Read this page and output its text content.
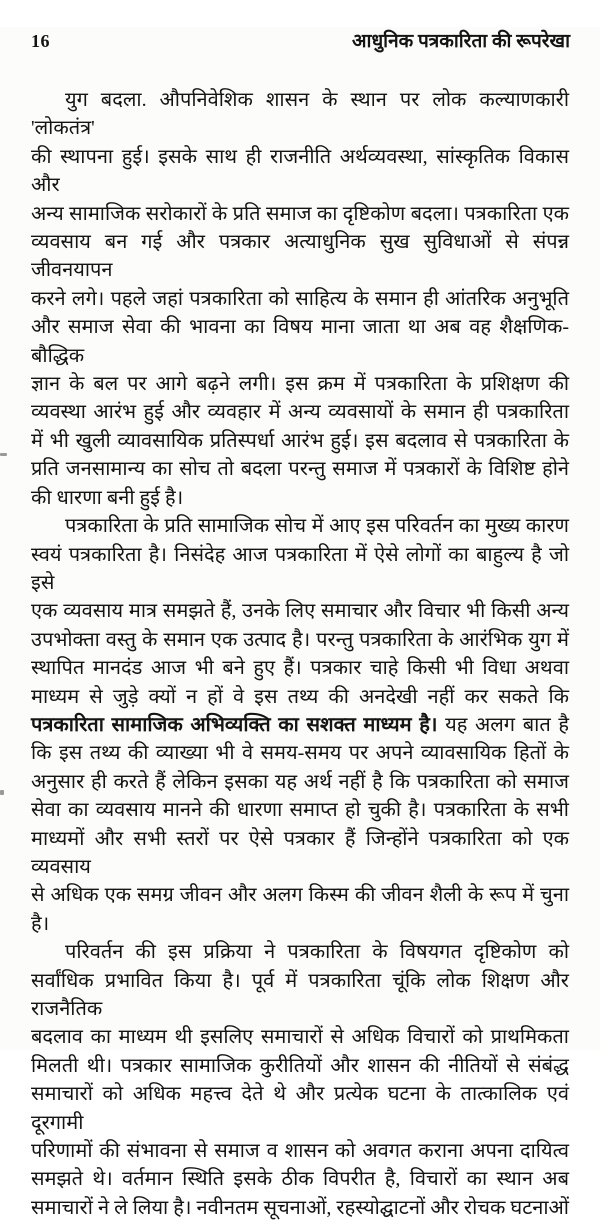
16	आधुनिक पत्रकारिता की रूपरेखा
युग बदला. औपनिवेशिक शासन के स्थान पर लोक कल्याणकारी 'लोकतंत्र'
की स्थापना हुई। इसके साथ ही राजनीति अर्थव्यवस्था, सांस्कृतिक विकास और
अन्य सामाजिक सरोकारों के प्रति समाज का दृष्टिकोण बदला। पत्रकारिता एक
व्यवसाय बन गई और पत्रकार अत्याधुनिक सुख सुविधाओं से संपन्न जीवनयापन
करने लगे। पहले जहां पत्रकारिता को साहित्य के समान ही आंतरिक अनुभूति
और समाज सेवा की भावना का विषय माना जाता था अब वह शैक्षणिक-बौद्धिक
ज्ञान के बल पर आगे बढ़ने लगी। इस क्रम में पत्रकारिता के प्रशिक्षण की
व्यवस्था आरंभ हुई और व्यवहार में अन्य व्यवसायों के समान ही पत्रकारिता
में भी खुली व्यावसायिक प्रतिस्पर्धा आरंभ हुई। इस बदलाव से पत्रकारिता के
प्रति जनसामान्य का सोच तो बदला परन्तु समाज में पत्रकारों के विशिष्ट होने
की धारणा बनी हुई है।
पत्रकारिता के प्रति सामाजिक सोच में आए इस परिवर्तन का मुख्य कारण
स्वयं पत्रकारिता है। निसंदेह आज पत्रकारिता में ऐसे लोगों का बाहुल्य है जो इसे
एक व्यवसाय मात्र समझते हैं, उनके लिए समाचार और विचार भी किसी अन्य
उपभोक्ता वस्तु के समान एक उत्पाद है। परन्तु पत्रकारिता के आरंभिक युग में
स्थापित मानदंड आज भी बने हुए हैं। पत्रकार चाहे किसी भी विधा अथवा
माध्यम से जुड़े क्यों न हों वे इस तथ्य की अनदेखी नहीं कर सकते कि
पत्रकारिता सामाजिक अभिव्यक्ति का सशक्त माध्यम है। यह अलग बात है
कि इस तथ्य की व्याख्या भी वे समय-समय पर अपने व्यावसायिक हितों के
अनुसार ही करते हैं लेकिन इसका यह अर्थ नहीं है कि पत्रकारिता को समाज
सेवा का व्यवसाय मानने की धारणा समाप्त हो चुकी है। पत्रकारिता के सभी
माध्यमों और सभी स्तरों पर ऐसे पत्रकार हैं जिन्होंने पत्रकारिता को एक व्यवसाय
से अधिक एक समग्र जीवन और अलग किस्म की जीवन शैली के रूप में चुना
है।
परिवर्तन की इस प्रक्रिया ने पत्रकारिता के विषयगत दृष्टिकोण को
सर्वांधिक प्रभावित किया है। पूर्व में पत्रकारिता चूंकि लोक शिक्षण और राजनैतिक
बदलाव का माध्यम थी इसलिए समाचारों से अधिक विचारों को प्राथमिकता
मिलती थी। पत्रकार सामाजिक कुरीतियों और शासन की नीतियों से संबंद्ध
समाचारों को अधिक महत्त्व देते थे और प्रत्येक घटना के तात्कालिक एवं दूरगामी
परिणामों की संभावना से समाज व शासन को अवगत कराना अपना दायित्व
समझते थे। वर्तमान स्थिति इसके ठीक विपरीत है, विचारों का स्थान अब
समाचारों ने ले लिया है। नवीनतम सूचनाओं, रहस्योद्घाटनों और रोचक घटनाओं
